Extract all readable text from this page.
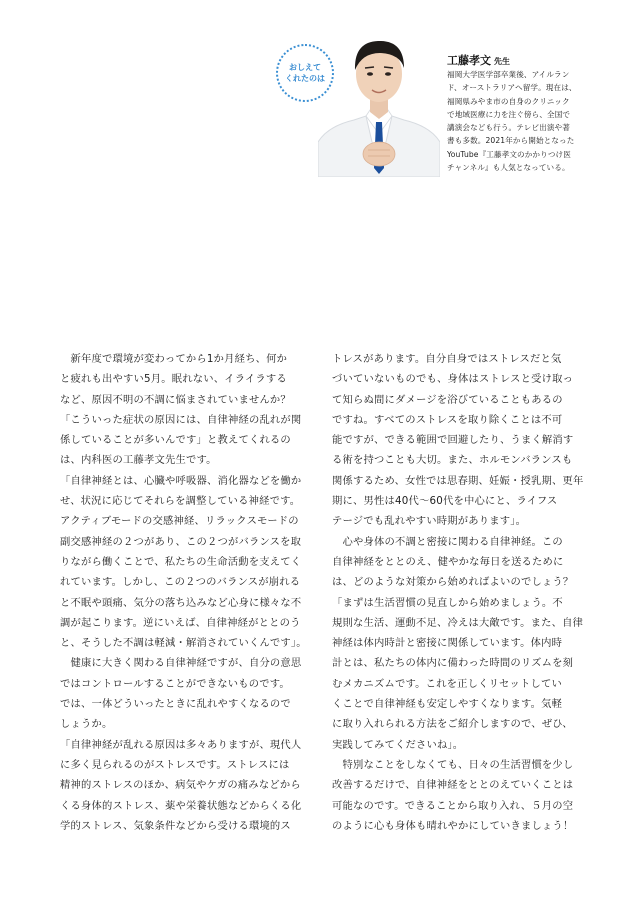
おしえて
くれたのは
工藤孝文 先生

福岡大学医学部卒業後、アイルラン

ド、オーストラリアへ留学。現在は、

福岡県みやま市の自身のクリニック

で地域医療に力を注ぐ傍ら、全国で

講演会なども行う。テレビ出演や著

書も多数。2021年から開始となった

YouTube『工藤孝文のかかりつけ医

チャンネル』も人気となっている。

　新年度で環境が変わってから1か月経ち、何か

と疲れも出やすい5月。眠れない、イライラする

など、原因不明の不調に悩まされていませんか？

「こういった症状の原因には、自律神経の乱れが関

係していることが多いんです」と教えてくれるの

は、内科医の工藤孝文先生です。

「自律神経とは、心臓や呼吸器、消化器などを働か

せ、状況に応じてそれらを調整している神経です。

アクティブモードの交感神経、リラックスモードの

副交感神経の２つがあり、この２つがバランスを取

りながら働くことで、私たちの生命活動を支えてく

れています。しかし、この２つのバランスが崩れる

と不眠や頭痛、気分の落ち込みなど心身に様々な不

調が起こります。逆にいえば、自律神経がととのう

と、そうした不調は軽減・解消されていくんです」。

　健康に大きく関わる自律神経ですが、自分の意思

ではコントロールすることができないものです。

では、一体どういったときに乱れやすくなるので

しょうか。

「自律神経が乱れる原因は多々ありますが、現代人

に多く見られるのがストレスです。ストレスには

精神的ストレスのほか、病気やケガの痛みなどから

くる身体的ストレス、薬や栄養状態などからくる化

学的ストレス、気象条件などから受ける環境的ス

トレスがあります。自分自身ではストレスだと気

づいていないものでも、身体はストレスと受け取っ

て知らぬ間にダメージを浴びていることもあるの

ですね。すべてのストレスを取り除くことは不可

能ですが、できる範囲で回避したり、うまく解消す

る術を持つことも大切。また、ホルモンバランスも

関係するため、女性では思春期、妊娠・授乳期、更年

期に、男性は40代〜60代を中心にと、ライフス

テージでも乱れやすい時期があります」。

　心や身体の不調と密接に関わる自律神経。この

自律神経をととのえ、健やかな毎日を送るために

は、どのような対策から始めればよいのでしょう？

「まずは生活習慣の見直しから始めましょう。不

規則な生活、運動不足、冷えは大敵です。また、自律

神経は体内時計と密接に関係しています。体内時

計とは、私たちの体内に備わった時間のリズムを刻

むメカニズムです。これを正しくリセットしてい

くことで自律神経も安定しやすくなります。気軽

に取り入れられる方法をご紹介しますので、ぜひ、

実践してみてくださいね」。

　特別なことをしなくても、日々の生活習慣を少し

改善するだけで、自律神経をととのえていくことは

可能なのです。できることから取り入れ、５月の空

のように心も身体も晴れやかにしていきましょう！
